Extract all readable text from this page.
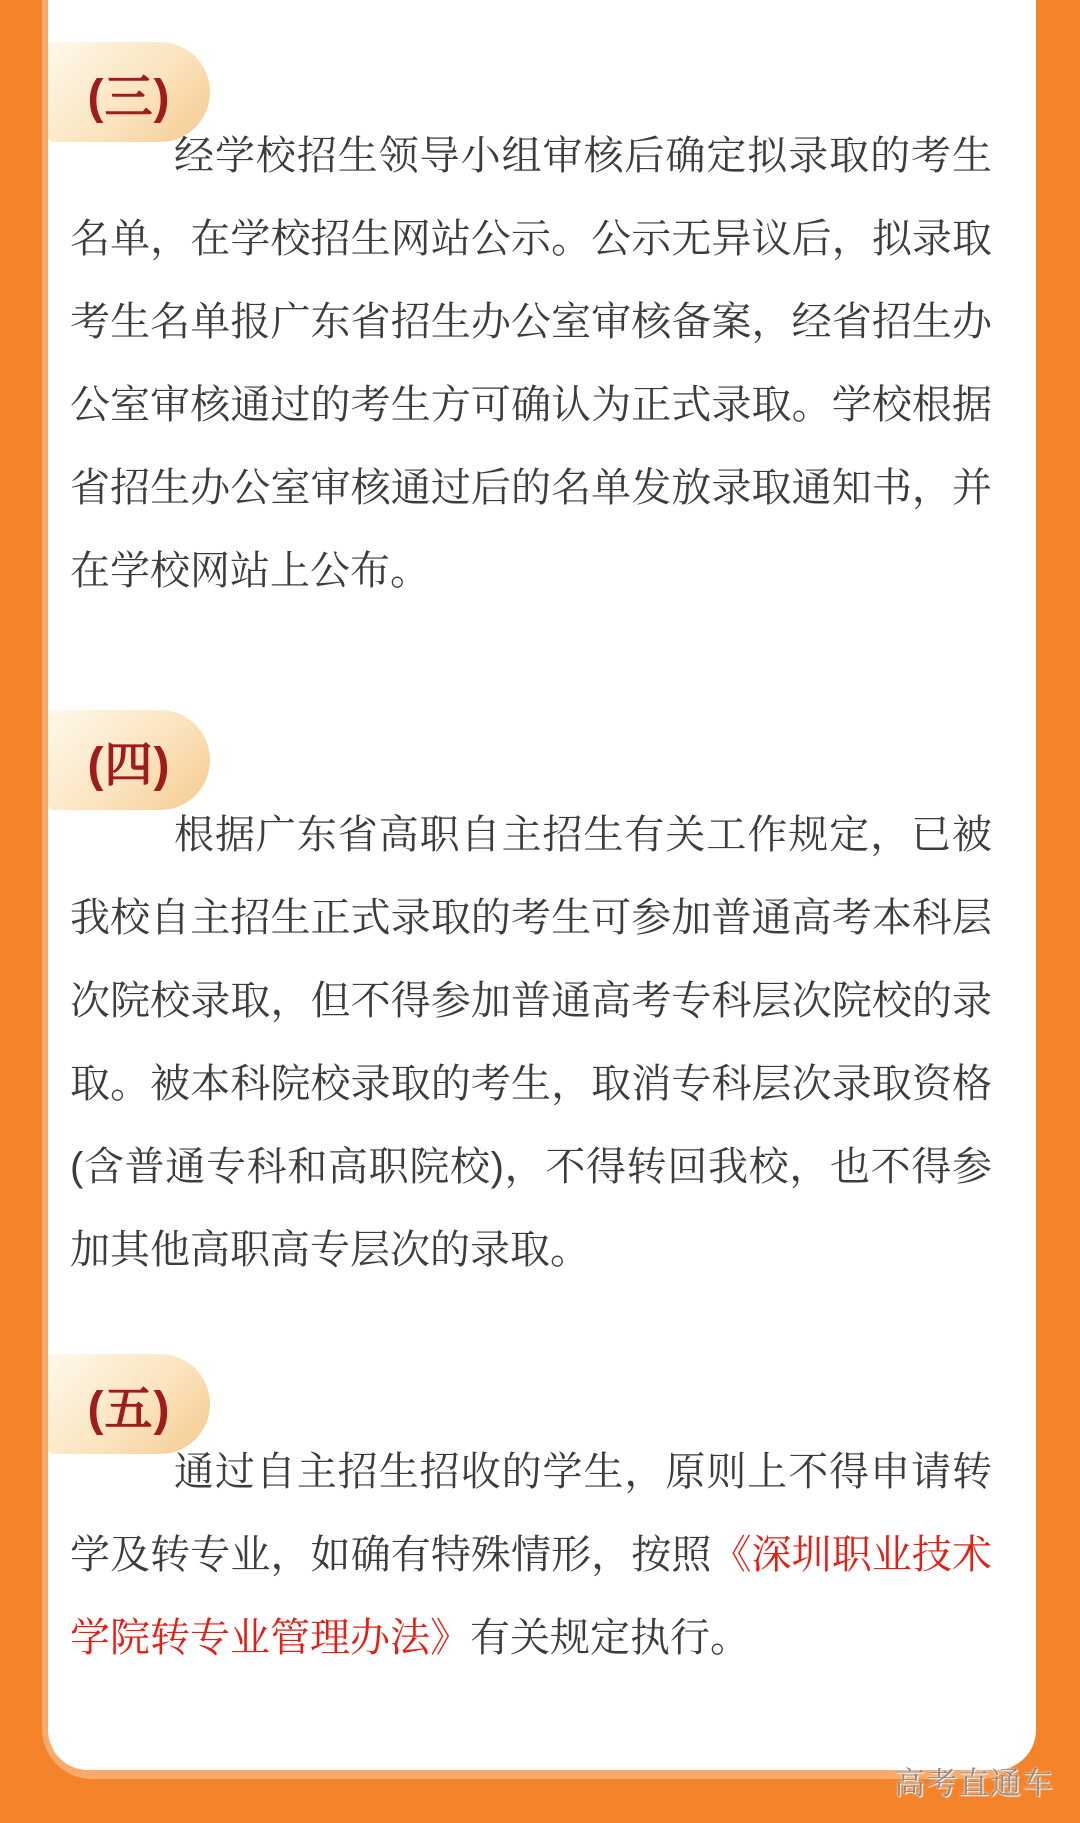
(三)
经学校招生领导小组审核后确定拟录取的考生名单，在学校招生网站公示。公示无异议后，拟录取考生名单报广东省招生办公室审核备案，经省招生办公室审核通过的考生方可确认为正式录取。学校根据省招生办公室审核通过后的名单发放录取通知书，并在学校网站上公布。
(四)
根据广东省高职自主招生有关工作规定，已被我校自主招生正式录取的考生可参加普通高考本科层次院校录取，但不得参加普通高考专科层次院校的录取。被本科院校录取的考生，取消专科层次录取资格(含普通专科和高职院校)，不得转回我校，也不得参加其他高职高专层次的录取。
(五)
通过自主招生招收的学生，原则上不得申请转学及转专业，如确有特殊情形，按照《深圳职业技术学院转专业管理办法》有关规定执行。
高考直通车
